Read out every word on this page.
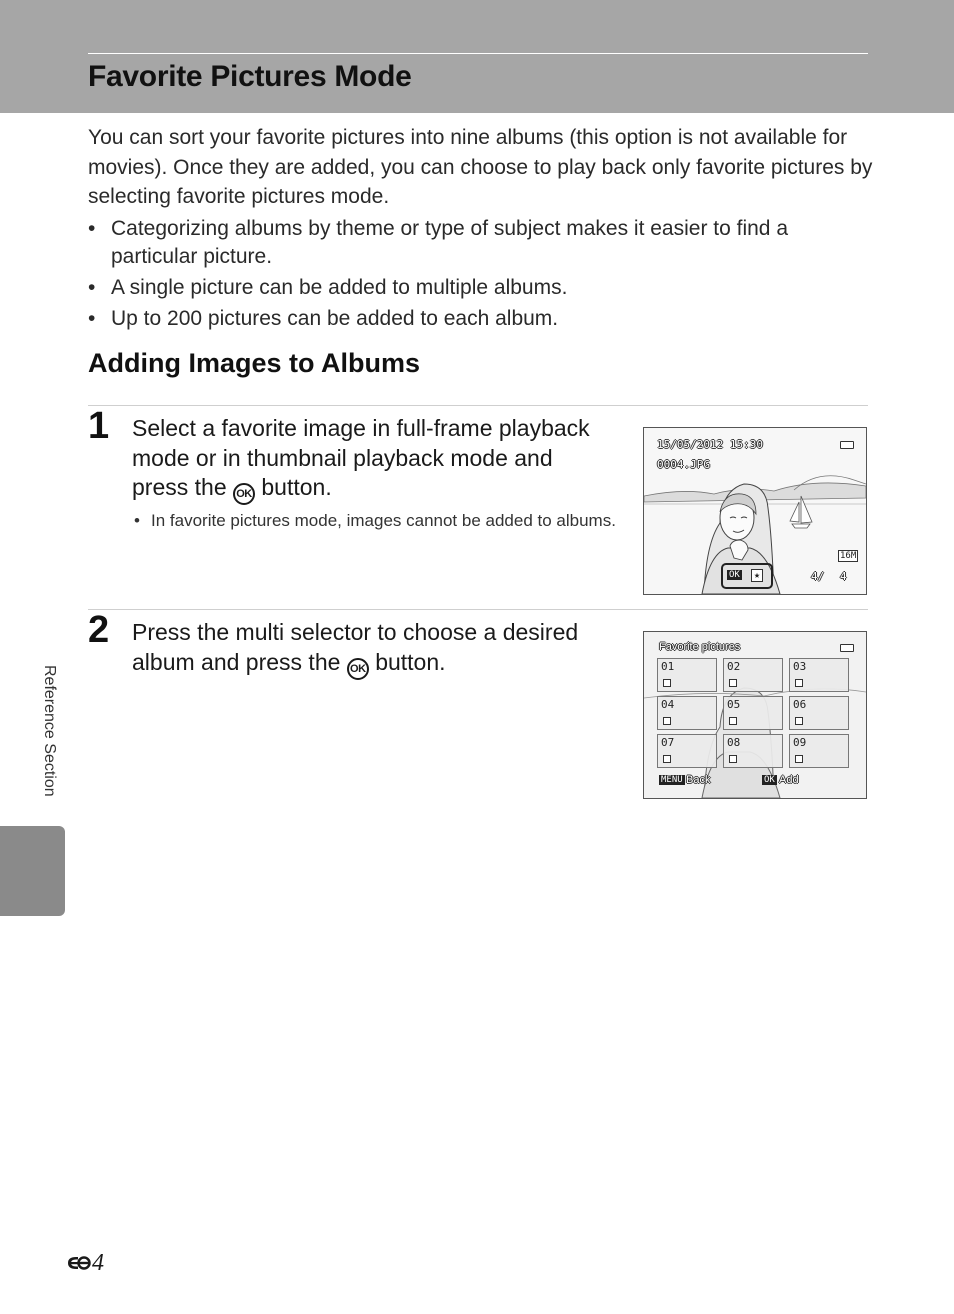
Favorite Pictures Mode

You can sort your favorite pictures into nine albums (this option is not available for movies). Once they are added, you can choose to play back only favorite pictures by selecting favorite pictures mode.

• Categorizing albums by theme or type of subject makes it easier to find a particular picture.
• A single picture can be added to multiple albums.
• Up to 200 pictures can be added to each album.
Adding Images to Albums
1 Select a favorite image in full-frame playback mode or in thumbnail playback mode and press the OK button.

• In favorite pictures mode, images cannot be added to albums.

15/05/2012 15:30
0004.JPG
16M
OK	★	4/ 4
2 Press the multi selector to choose a desired album and press the OK button.

Favorite pictures
01	02	03
04	05	06
07	08	09
MENU Back	OK Add
Reference Section
4
